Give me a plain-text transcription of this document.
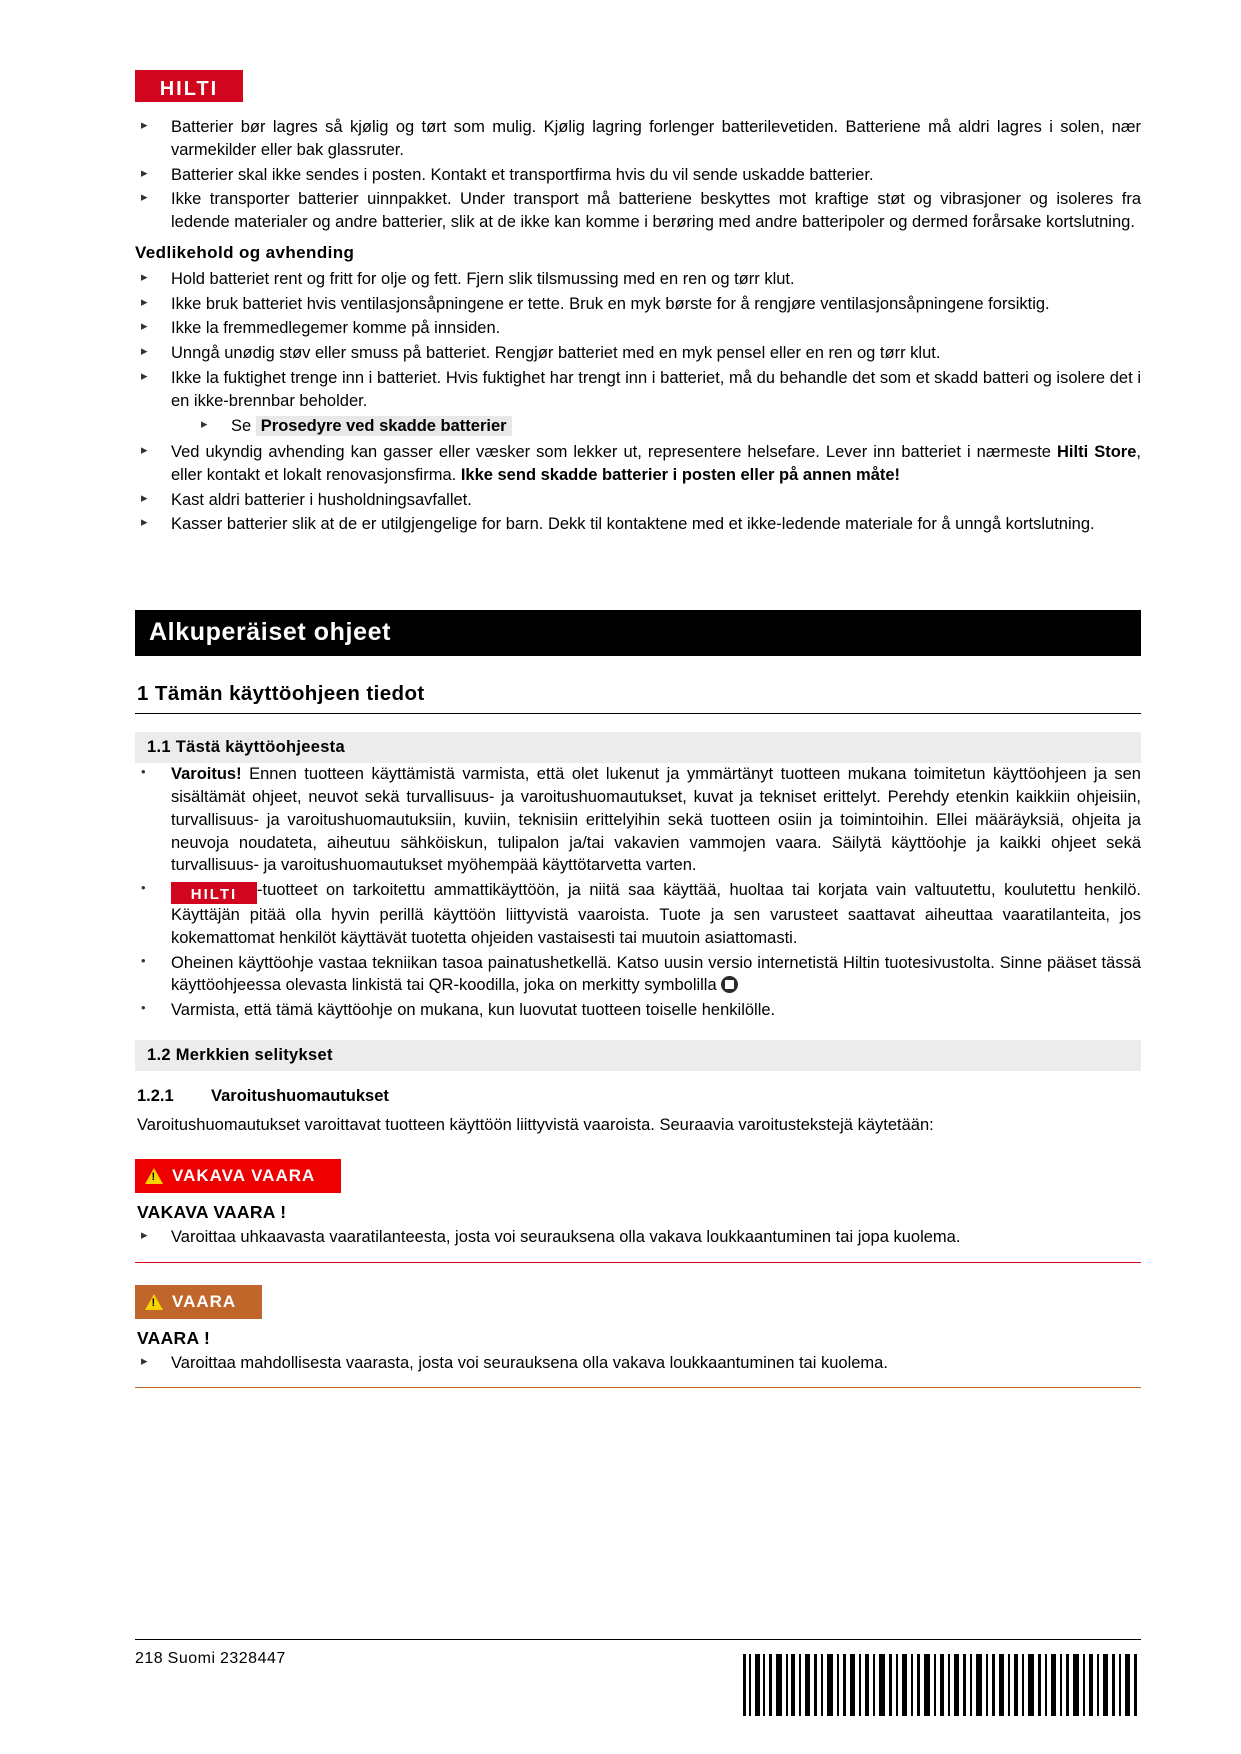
HILTI
▸ Batterier bør lagres så kjølig og tørt som mulig. Kjølig lagring forlenger batterilevetiden. Batteriene må aldri lagres i solen, nær varmekilder eller bak glassruter.
▸ Batterier skal ikke sendes i posten. Kontakt et transportfirma hvis du vil sende uskadde batterier.
▸ Ikke transporter batterier uinnpakket. Under transport må batteriene beskyttes mot kraftige støt og vibrasjoner og isoleres fra ledende materialer og andre batterier, slik at de ikke kan komme i berøring med andre batteripoler og dermed forårsake kortslutning.
Vedlikehold og avhending
▸ Hold batteriet rent og fritt for olje og fett. Fjern slik tilsmussing med en ren og tørr klut.
▸ Ikke bruk batteriet hvis ventilasjonsåpningene er tette. Bruk en myk børste for å rengjøre ventilasjonsåpningene forsiktig.
▸ Ikke la fremmedlegemer komme på innsiden.
▸ Unngå unødig støv eller smuss på batteriet. Rengjør batteriet med en myk pensel eller en ren og tørr klut.
▸ Ikke la fuktighet trenge inn i batteriet. Hvis fuktighet har trengt inn i batteriet, må du behandle det som et skadd batteri og isolere det i en ikke-brennbar beholder.
▸ Se Prosedyre ved skadde batterier
▸ Ved ukyndig avhending kan gasser eller væsker som lekker ut, representere helsefare. Lever inn batteriet i nærmeste Hilti Store, eller kontakt et lokalt renovasjonsfirma. Ikke send skadde batterier i posten eller på annen måte!
▸ Kast aldri batterier i husholdningsavfallet.
▸ Kasser batterier slik at de er utilgjengelige for barn. Dekk til kontaktene med et ikke-ledende materiale for å unngå kortslutning.
Alkuperäiset ohjeet
1 Tämän käyttöohjeen tiedot
1.1 Tästä käyttöohjeesta
• Varoitus! Ennen tuotteen käyttämistä varmista, että olet lukenut ja ymmärtänyt tuotteen mukana toimitetun käyttöohjeen ja sen sisältämät ohjeet, neuvot sekä turvallisuus- ja varoitushuomautukset, kuvat ja tekniset erittelyt. Perehdy etenkin kaikkiin ohjeisiin, turvallisuus- ja varoitushuomautuksiin, kuviin, teknisiin erittelyihin sekä tuotteen osiin ja toimintoihin. Ellei määräyksiä, ohjeita ja neuvoja noudateta, aiheutuu sähköiskun, tulipalon ja/tai vakavien vammojen vaara. Säilytä käyttöohje ja kaikki ohjeet sekä turvallisuus- ja varoitushuomautukset myöhempää käyttötarvetta varten.
•	HILTI -tuotteet on tarkoitettu ammattikäyttöön, ja niitä saa käyttää, huoltaa tai korjata vain valtuutettu, koulutettu henkilö. Käyttäjän pitää olla hyvin perillä käyttöön liittyvistä vaaroista. Tuote ja sen varusteet saattavat aiheuttaa vaaratilanteita, jos kokemattomat henkilöt käyttävät tuotetta ohjeiden vastaisesti tai muutoin asiattomasti.
• Oheinen käyttöohje vastaa tekniikan tasoa painatushetkellä. Katso uusin versio internetistä Hiltin tuotesivustolta. Sinne pääset tässä käyttöohjeessa olevasta linkistä tai QR-koodilla, joka on merkitty symbolilla
• Varmista, että tämä käyttöohje on mukana, kun luovutat tuotteen toiselle henkilölle.
1.2 Merkkien selitykset
1.2.1 Varoitushuomautukset

Varoitushuomautukset varoittavat tuotteen käyttöön liittyvistä vaaroista. Seuraavia varoitustekstejä käytetään:

!VAKAVA VAARA
VAKAVA VAARA !
▸ Varoittaa uhkaavasta vaaratilanteesta, josta voi seurauksena olla vakava loukkaantuminen tai jopa kuolema.
!VAARA
VAARA !
▸ Varoittaa mahdollisesta vaarasta, josta voi seurauksena olla vakava loukkaantuminen tai kuolema.
218 Suomi 2328447
